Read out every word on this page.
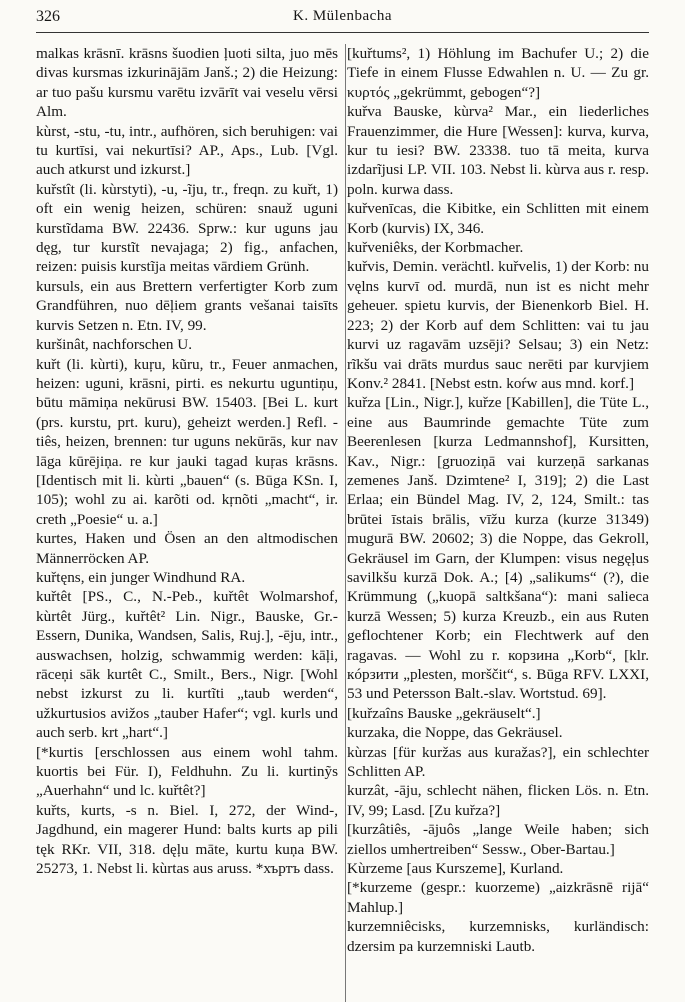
326	K. Mülenbacha

malkas krāsnī. krāsns šuodien ļuoti silta, juo mēs divas kursmas izkurinājām Janš.; 2) die Heizung: ar tuo pašu kursmu varētu izvārīt vai veselu vērsi Alm.

kùrst, -stu, -tu, intr., aufhören, sich beruhigen: vai tu kurtīsi, vai nekurtīsi? AP., Aps., Lub. [Vgl. auch atkurst und izkurst.]

kuřstît (li. kùrstyti), -u, -ĩju, tr., freqn. zu kuřt, 1) oft ein wenig heizen, schüren: snauž uguni kurstĩdama BW. 22436. Sprw.: kur uguns jau dęg, tur kurstĩt nevajaga; 2) fig., anfachen, reizen: puisis kurstĩja meitas vārdiem Grünh.

kursuls, ein aus Brettern verfertigter Korb zum Grandführen, nuo dēļiem grants vešanai taisīts kurvis Setzen n. Etn. IV, 99.

kuršinât, nachforschen U.

kuřt (li. kùrti), kuŗu, kũru, tr., Feuer anmachen, heizen: uguni, krāsni, pirti. es nekurtu uguntiņu, būtu māmiņa nekūrusi BW. 15403. [Bei L. kurt (prs. kurstu, prt. kuru), geheizt werden.] Refl. -tiês, heizen, brennen: tur uguns nekūrās, kur nav lāga kūrējiņa. re kur jauki tagad kuŗas krāsns. [Identisch mit li. kùrti „bauen“ (s. Būga KSn. I, 105); wohl zu ai. karõti od. kŗnõti „macht“, ir. creth „Poesie“ u. a.]

kurtes, Haken und Ösen an den altmodischen Männerröcken AP.

kuřtęns, ein junger Windhund RA.

kuřtêt [PS., C., N.-Peb., kuřtêt Wolmarshof, kùrtêt Jürg., kuřtêt² Lin. Nigr., Bauske, Gr.-Essern, Dunika, Wandsen, Salis, Ruj.], -ēju, intr., auswachsen, holzig, schwammig werden: kāļi, rāceņi sāk kurtêt C., Smilt., Bers., Nigr. [Wohl nebst izkurst zu li. kurtĩti „taub werden“, užkurtusios avižos „tauber Hafer“; vgl. kurls und auch serb. krt „hart“.]

[*kurtis [erschlossen aus einem wohl tahm. kuortis bei Für. I), Feldhuhn. Zu li. kurtinỹs „Auerhahn“ und lc. kuřtêt?]

kuřts, kurts, -s n. Biel. I, 272, der Wind-, Jagdhund, ein magerer Hund: balts kurts ap pili tęk RKr. VII, 318. dęļu māte, kurtu kuņa BW. 25273, 1. Nebst li. kùrtas aus aruss. *хъртъ dass.

[kuřtums², 1) Höhlung im Bachufer U.; 2) die Tiefe in einem Flusse Edwahlen n. U. — Zu gr. κυρτός „gekrümmt, gebogen“?]

kuřva Bauske, kùrva² Mar., ein liederliches Frauenzimmer, die Hure [Wessen]: kurva, kurva, kur tu iesi? BW. 23338. tuo tā meita, kurva izdarĩjusi LP. VII. 103. Nebst li. kùrva aus r. resp. poln. kurwa dass.

kuřvenīcas, die Kibitke, ein Schlitten mit einem Korb (kurvis) IX, 346.

kuřveniêks, der Korbmacher.

kuřvis, Demin. verächtl. kuřvelis, 1) der Korb: nu vęlns kurvī od. murdā, nun ist es nicht mehr geheuer. spietu kurvis, der Bienenkorb Biel. H. 223; 2) der Korb auf dem Schlitten: vai tu jau kurvi uz ragavām uzsēji? Selsau; 3) ein Netz: rĩkšu vai drāts murdus sauc nerēti par kurvjiem Konv.² 2841. [Nebst estn. koŕw aus mnd. korf.]

kuřza [Lin., Nigr.], kuřze [Kabillen], die Tüte L., eine aus Baumrinde gemachte Tüte zum Beerenlesen [kurza Ledmannshof], Kursitten, Kav., Nigr.: [gruoziņā vai kurzeņā sarkanas zemenes Janš. Dzimtene² I, 319]; 2) die Last Erlaa; ein Bündel Mag. IV, 2, 124, Smilt.: tas brūtei īstais brālis, vīžu kurza (kurze 31349) mugurā BW. 20602; 3) die Noppe, das Gekroll, Gekräusel im Garn, der Klumpen: visus negęļus savilkšu kurzā Dok. A.; [4) „salikums“ (?), die Krümmung („kuopā saltkšana“): mani salieca kurzā Wessen; 5) kurza Kreuzb., ein aus Ruten geflochtener Korb; ein Flechtwerk auf den ragavas. — Wohl zu r. корзина „Korb“, [klr. кóрзити „plesten, morščit“, s. Būga RFV. LXXI, 53 und Petersson Balt.-slav. Wortstud. 69].

[kuřzaîns Bauske „gekräuselt“.]

kurzaka, die Noppe, das Gekräusel.

kùrzas [für kuržas aus kuražas?], ein schlechter Schlitten AP.

kurzât, -āju, schlecht nähen, flicken Lös. n. Etn. IV, 99; Lasd. [Zu kuřza?]

[kurzâtiês, -ājuôs „lange Weile haben; sich ziellos umhertreiben“ Sessw., Ober-Bartau.]

Kùrzeme [aus Kurszeme], Kurland.

[*kurzeme (gespr.: kuorzeme) „aizkrāsnē rijā“ Mahlup.]

kurzemniêcisks, kurzemnisks, kurländisch: dzersim pa kurzemniski Lautb.
